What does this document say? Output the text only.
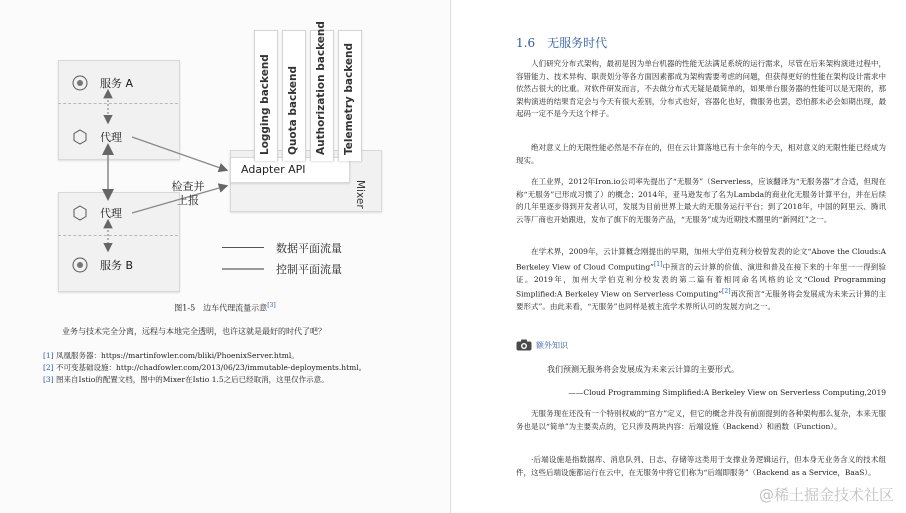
Adapter API
Mixer
Logging backend Quota backend Authorization backend Telemetry backend
服务 A
代理
代理
服务 B
检查并
上报
数据平面流量
控制平面流量
图1-5　边车代理流量示意[3]
业务与技术完全分离，远程与本地完全透明，也许这就是最好的时代了吧？
[1] 凤凰服务器：https://martinfowler.com/bliki/PhoenixServer.html。
[2] 不可变基础设施：http://chadfowler.com/2013/06/23/immutable-deployments.html。
[3] 图来自Istio的配置文档，图中的Mixer在Istio 1.5之后已经取消，这里仅作示意。
1.6　无服务时代
人们研究分布式架构，最初是因为单台机器的性能无法满足系统的运行需求，尽管在后来架构演进过程中，容错能力、技术异构、职责划分等各方面因素都成为架构需要考虑的问题，但获得更好的性能在架构设计需求中依然占很大的比重。对软件研发而言，不去做分布式无疑是最简单的，如果单台服务器的性能可以是无限的，那架构演进的结果肯定会与今天有很大差别，分布式也好，容器化也好，微服务也罢，恐怕都未必会如期出现，最起码一定不是今天这个样子。
绝对意义上的无限性能必然是不存在的，但在云计算落地已有十余年的今天，相对意义的无限性能已经成为现实。
在工业界，2012年Iron.io公司率先提出了“无服务”（Serverless，应该翻译为“无服务器”才合适，但现在称“无服务”已形成习惯了）的概念；2014年，亚马逊发布了名为Lambda的商业化无服务计算平台，并在后续的几年里逐步得到开发者认可，发展为目前世界上最大的无服务运行平台；到了2018年，中国的阿里云、腾讯云等厂商也开始跟进，发布了旗下的无服务产品，“无服务”成为近期技术圈里的“新网红”之一。
在学术界，2009年，云计算概念刚提出的早期，加州大学伯克利分校曾发表的论文“Above the Clouds:A Berkeley View of Cloud Computing”[1]中预言的云计算的价值、演进和普及在接下来的十年里一一得到验证。2019年，加州大学伯克利分校发表的第二篇有着相同命名风格的论文“Cloud Programming Simplified:A Berkeley View on Serverless Computing”[2]再次预言“无服务将会发展成为未来云计算的主要形式”。由此来看，“无服务”也同样是被主流学术界所认可的发展方向之一。
额外知识
我们预测无服务将会发展成为未来云计算的主要形式。
——Cloud Programming Simplified:A Berkeley View on Serverless Computing,2019
无服务现在还没有一个特别权威的“官方”定义，但它的概念并没有前面提到的各种架构那么复杂，本来无服务也是以“简单”为主要卖点的，它只涉及两块内容：后端设施（Backend）和函数（Function）。
·后端设施是指数据库、消息队列、日志、存储等这类用于支撑业务逻辑运行，但本身无业务含义的技术组件，这些后端设施都运行在云中，在无服务中将它们称为“后端即服务”（Backend as a Service，BaaS）。
@稀土掘金技术社区
